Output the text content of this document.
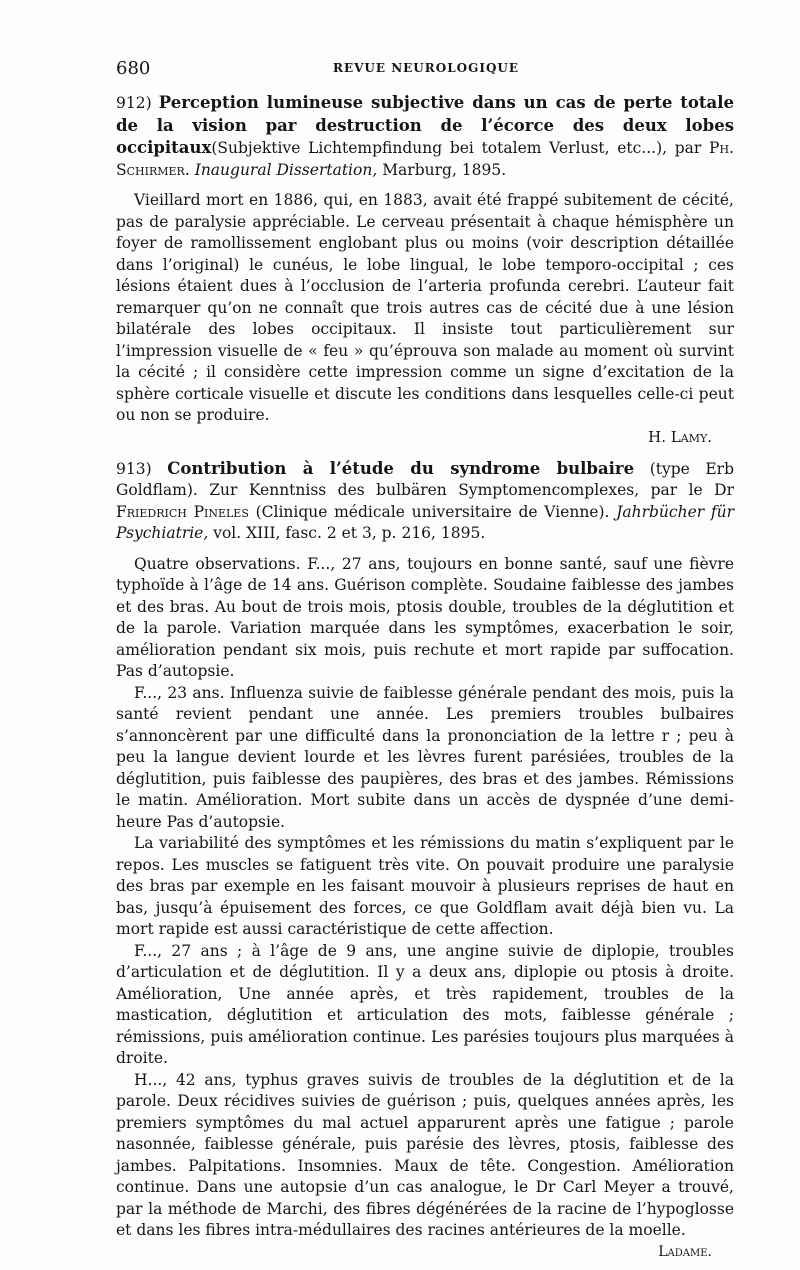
680	REVUE NEUROLOGIQUE

912) Perception lumineuse subjective dans un cas de perte totale de la vision par destruction de l’écorce des deux lobes occipitaux(Subjektive Lichtempfindung bei totalem Verlust, etc...), par Ph. Schirmer. Inaugural Dissertation, Marburg, 1895.

Vieillard mort en 1886, qui, en 1883, avait été frappé subitement de cécité, pas de paralysie appréciable. Le cerveau présentait à chaque hémisphère un foyer de ramollissement englobant plus ou moins (voir description détaillée dans l’original) le cunéus, le lobe lingual, le lobe temporo-occipital ; ces lésions étaient dues à l’occlusion de l’arteria profunda cerebri. L’auteur fait remarquer qu’on ne connaît que trois autres cas de cécité due à une lésion bilatérale des lobes occipitaux. Il insiste tout particulièrement sur l’impression visuelle de « feu » qu’éprouva son malade au moment où survint la cécité ; il considère cette impression comme un signe d’excitation de la sphère corticale visuelle et discute les conditions dans lesquelles celle-ci peut ou non se produire.

H. Lamy.

913) Contribution à l’étude du syndrome bulbaire (type Erb Goldflam). Zur Kenntniss des bulbären Symptomencomplexes, par le Dr Friedrich Pineles (Clinique médicale universitaire de Vienne). Jahrbücher für Psychiatrie, vol. XIII, fasc. 2 et 3, p. 216, 1895.

Quatre observations. F..., 27 ans, toujours en bonne santé, sauf une fièvre typhoïde à l’âge de 14 ans. Guérison complète. Soudaine faiblesse des jambes et des bras. Au bout de trois mois, ptosis double, troubles de la déglutition et de la parole. Variation marquée dans les symptômes, exacerbation le soir, amélioration pendant six mois, puis rechute et mort rapide par suffocation. Pas d’autopsie.

F..., 23 ans. Influenza suivie de faiblesse générale pendant des mois, puis la santé revient pendant une année. Les premiers troubles bulbaires s’annoncèrent par une difficulté dans la prononciation de la lettre r ; peu à peu la langue devient lourde et les lèvres furent parésiées, troubles de la déglutition, puis faiblesse des paupières, des bras et des jambes. Rémissions le matin. Amélioration. Mort subite dans un accès de dyspnée d’une demi-heure Pas d’autopsie.

La variabilité des symptômes et les rémissions du matin s’expliquent par le repos. Les muscles se fatiguent très vite. On pouvait produire une paralysie des bras par exemple en les faisant mouvoir à plusieurs reprises de haut en bas, jusqu’à épuisement des forces, ce que Goldflam avait déjà bien vu. La mort rapide est aussi caractéristique de cette affection.

F..., 27 ans ; à l’âge de 9 ans, une angine suivie de diplopie, troubles d’articulation et de déglutition. Il y a deux ans, diplopie ou ptosis à droite. Amélioration, Une année après, et très rapidement, troubles de la mastication, déglutition et articulation des mots, faiblesse générale ; rémissions, puis amélioration continue. Les parésies toujours plus marquées à droite.

H..., 42 ans, typhus graves suivis de troubles de la déglutition et de la parole. Deux récidives suivies de guérison ; puis, quelques années après, les premiers symptômes du mal actuel apparurent après une fatigue ; parole nasonnée, faiblesse générale, puis parésie des lèvres, ptosis, faiblesse des jambes. Palpitations. Insomnies. Maux de tête. Congestion. Amélioration continue. Dans une autopsie d’un cas analogue, le Dr Carl Meyer a trouvé, par la méthode de Marchi, des fibres dégénérées de la racine de l’hypoglosse et dans les fibres intra-médullaires des racines antérieures de la moelle.
Ladame.
